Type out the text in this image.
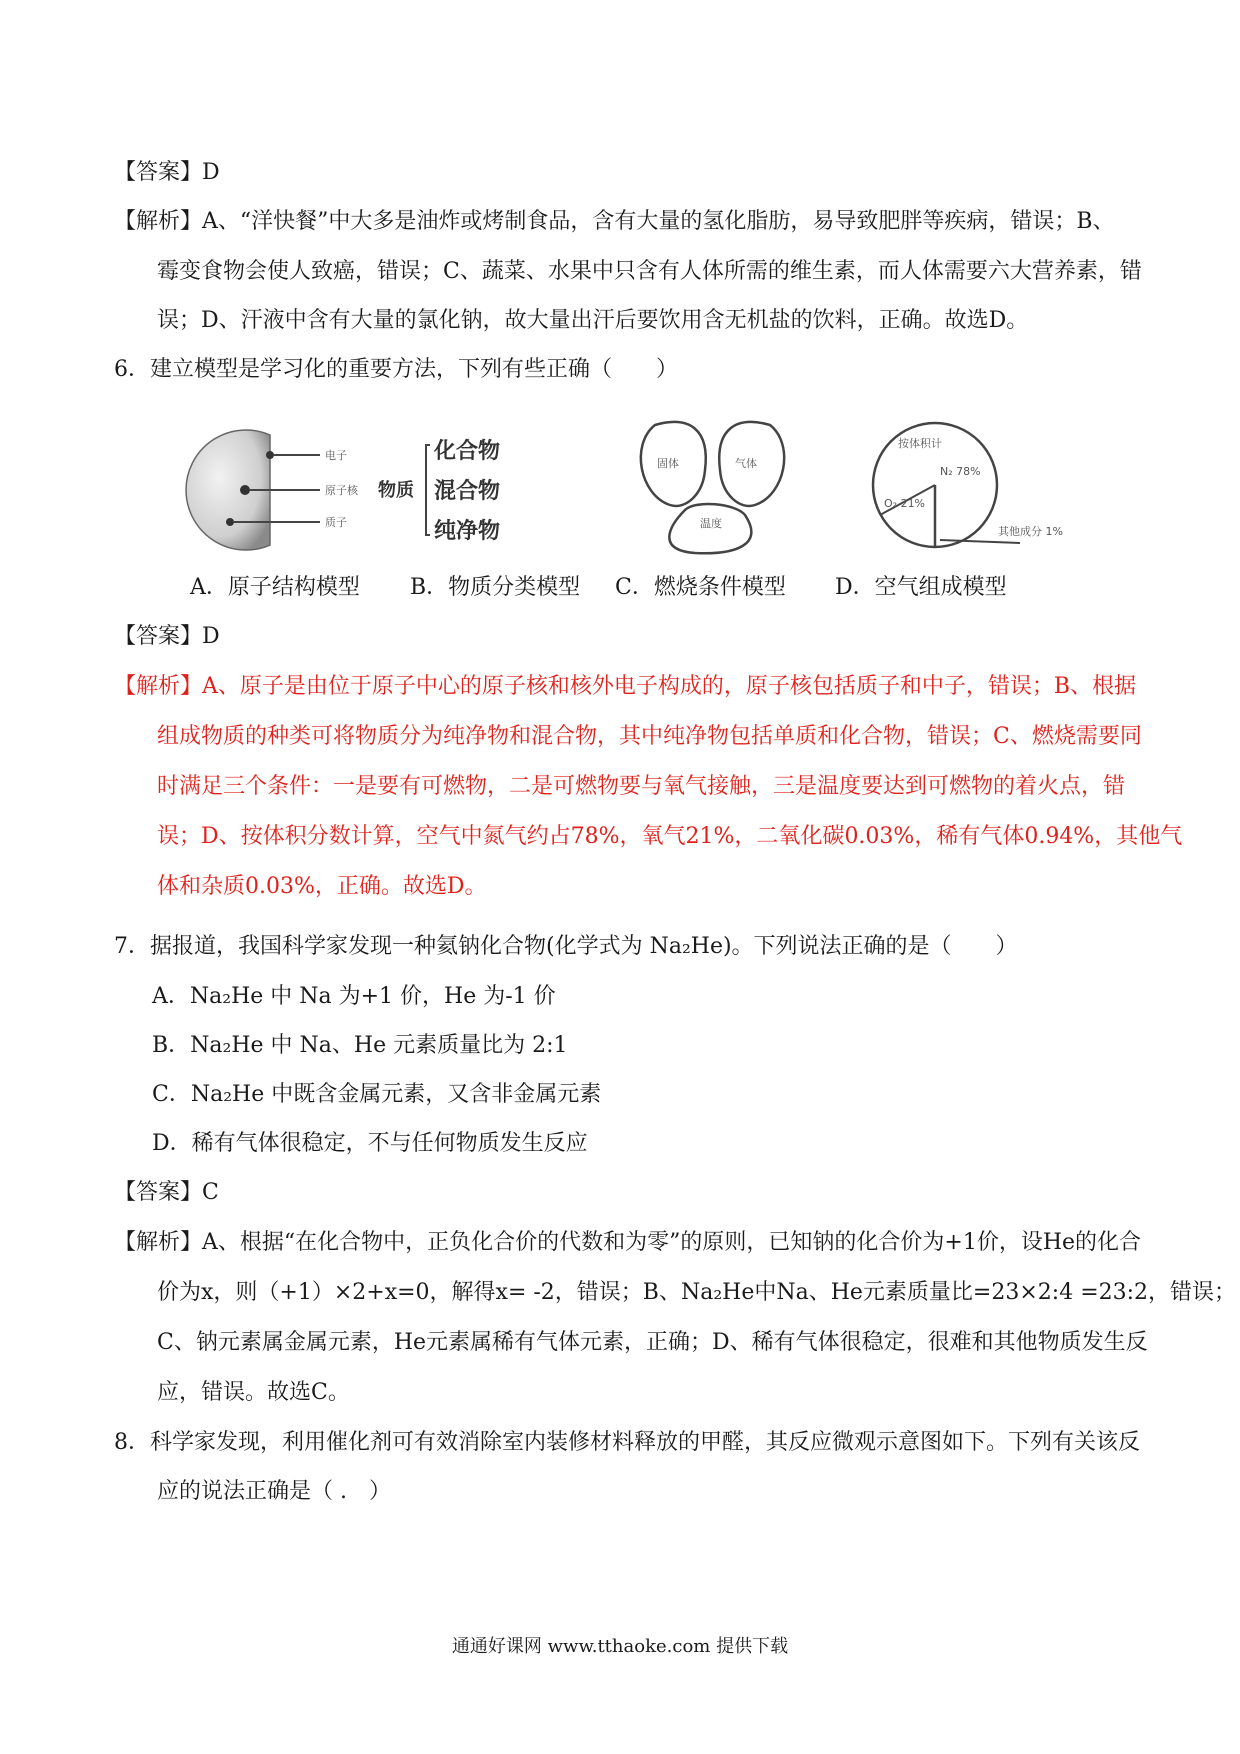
【答案】D
【解析】A、“洋快餐”中大多是油炸或烤制食品，含有大量的氢化脂肪，易导致肥胖等疾病，错误；B、
霉变食物会使人致癌，错误；C、蔬菜、水果中只含有人体所需的维生素，而人体需要六大营养素，错
误；D、汗液中含有大量的氯化钠，故大量出汗后要饮用含无机盐的饮料，正确。故选D。
6．建立模型是学习化的重要方法，下列有些正确（　　）
电子
原子核
质子
物质
化合物
混合物
纯净物
固体	气体
温度
按体积计
N₂ 78%
O₂ 21%
其他成分 1%
A．原子结构模型 B．物质分类模型 C．燃烧条件模型 D．空气组成模型
【答案】D
【解析】A、原子是由位于原子中心的原子核和核外电子构成的，原子核包括质子和中子，错误；B、根据
组成物质的种类可将物质分为纯净物和混合物，其中纯净物包括单质和化合物，错误；C、燃烧需要同
时满足三个条件：一是要有可燃物，二是可燃物要与氧气接触，三是温度要达到可燃物的着火点，错
误；D、按体积分数计算，空气中氮气约占78%，氧气21%，二氧化碳0.03%，稀有气体0.94%，其他气
体和杂质0.03%，正确。故选D。
7．据报道，我国科学家发现一种氦钠化合物(化学式为 Na₂He)。下列说法正确的是（　　）
A．Na₂He 中 Na 为+1 价，He 为-1 价
B．Na₂He 中 Na、He 元素质量比为 2:1
C．Na₂He 中既含金属元素，又含非金属元素
D．稀有气体很稳定，不与任何物质发生反应
【答案】C
【解析】A、根据“在化合物中，正负化合价的代数和为零”的原则，已知钠的化合价为+1价，设He的化合
价为x，则（+1）×2+x=0，解得x= -2，错误；B、Na₂He中Na、He元素质量比=23×2:4 =23:2，错误；
C、钠元素属金属元素，He元素属稀有气体元素，正确；D、稀有气体很稳定，很难和其他物质发生反
应，错误。故选C。
8．科学家发现，利用催化剂可有效消除室内装修材料释放的甲醛，其反应微观示意图如下。下列有关该反
应的说法正确是（ .　）
通通好课网 www.tthaoke.com 提供下载
